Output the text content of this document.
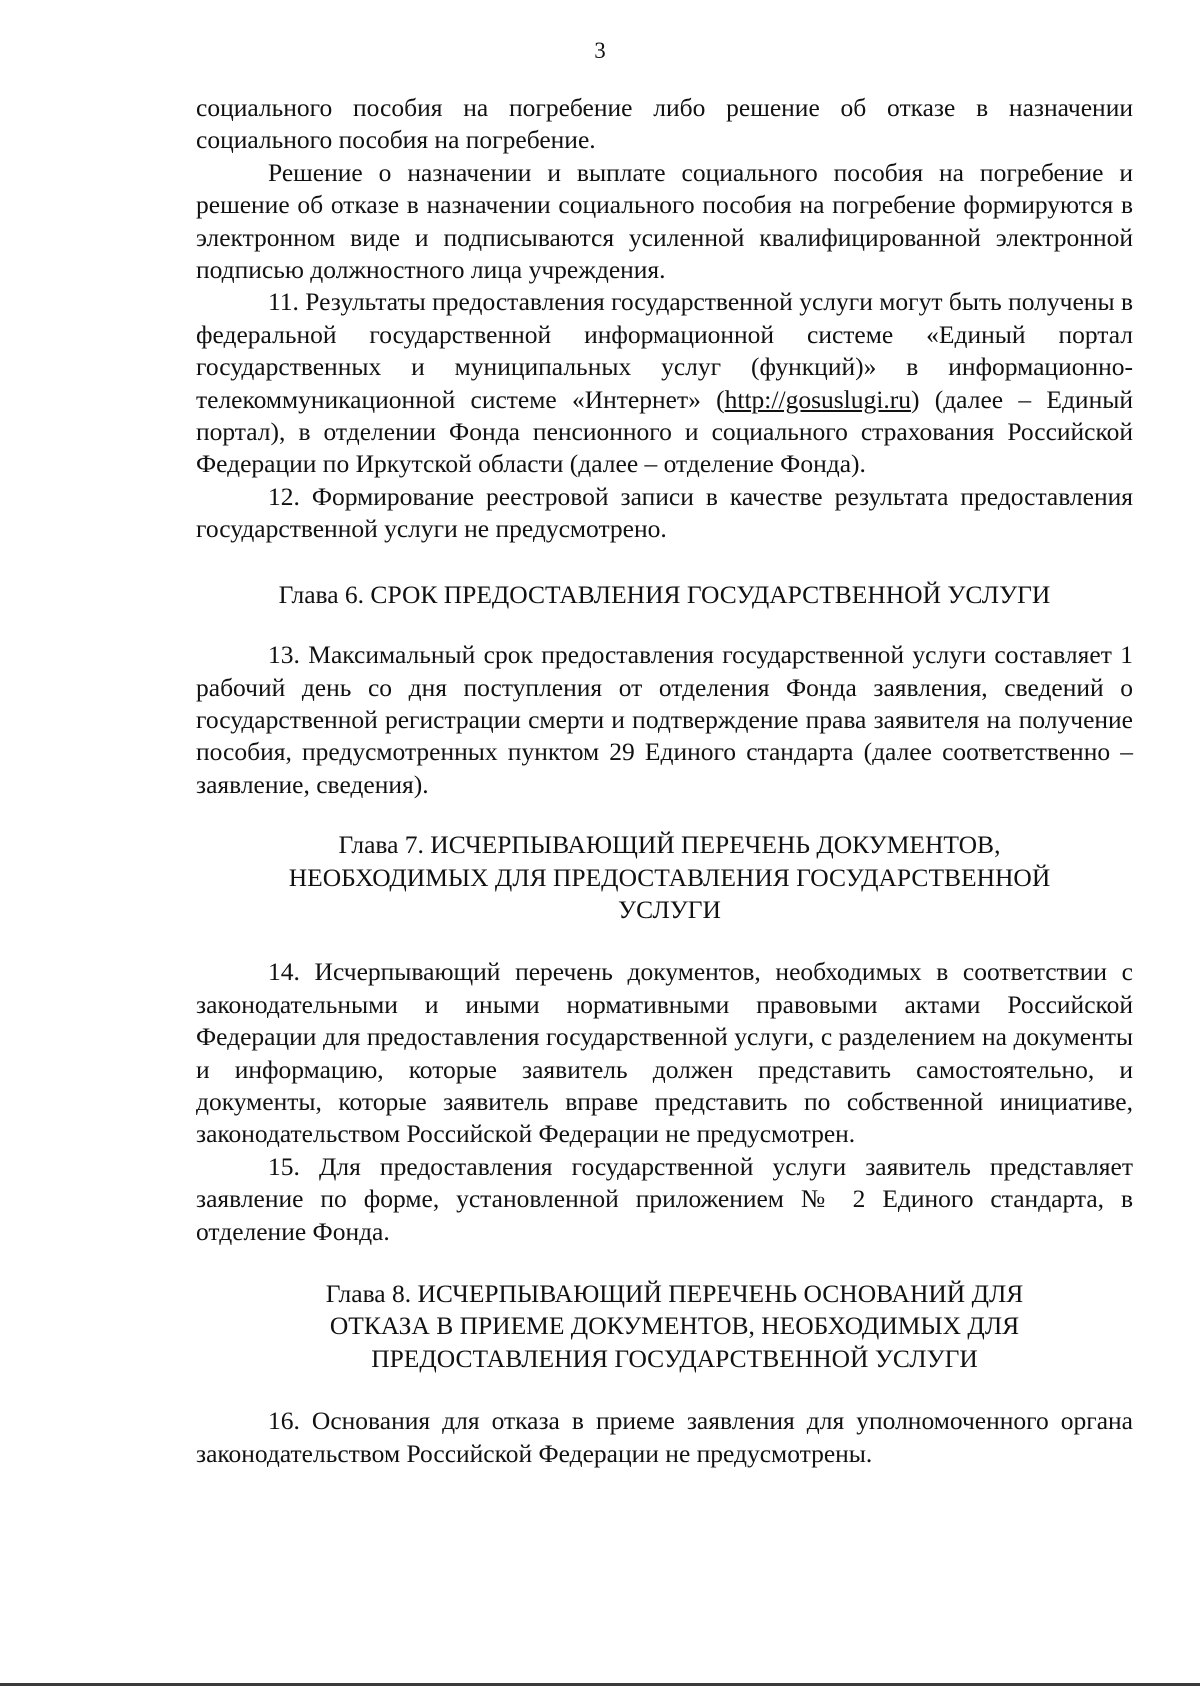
3

социального пособия на погребение либо решение об отказе в назначении социального пособия на погребение.

Решение о назначении и выплате социального пособия на погребение и решение об отказе в назначении социального пособия на погребение формируются в электронном виде и подписываются усиленной квалифицированной электронной подписью должностного лица учреждения.

11. Результаты предоставления государственной услуги могут быть получены в федеральной государственной информационной системе «Единый портал государственных и муниципальных услуг (функций)» в информационно-телекоммуникационной системе «Интернет» (http://gosuslugi.ru) (далее – Единый портал), в отделении Фонда пенсионного и социального страхования Российской Федерации по Иркутской области (далее – отделение Фонда).

12. Формирование реестровой записи в качестве результата предоставления государственной услуги не предусмотрено.

Глава 6. СРОК ПРЕДОСТАВЛЕНИЯ ГОСУДАРСТВЕННОЙ УСЛУГИ

13. Максимальный срок предоставления государственной услуги составляет 1 рабочий день со дня поступления от отделения Фонда заявления, сведений о государственной регистрации смерти и подтверждение права заявителя на получение пособия, предусмотренных пунктом 29 Единого стандарта (далее соответственно – заявление, сведения).

Глава 7. ИСЧЕРПЫВАЮЩИЙ ПЕРЕЧЕНЬ ДОКУМЕНТОВ,
НЕОБХОДИМЫХ ДЛЯ ПРЕДОСТАВЛЕНИЯ ГОСУДАРСТВЕННОЙ
УСЛУГИ

14. Исчерпывающий перечень документов, необходимых в соответствии с законодательными и иными нормативными правовыми актами Российской Федерации для предоставления государственной услуги, с разделением на документы и информацию, которые заявитель должен представить самостоятельно, и документы, которые заявитель вправе представить по собственной инициативе, законодательством Российской Федерации не предусмотрен.

15. Для предоставления государственной услуги заявитель представляет заявление по форме, установленной приложением № 2 Единого стандарта, в отделение Фонда.

Глава 8. ИСЧЕРПЫВАЮЩИЙ ПЕРЕЧЕНЬ ОСНОВАНИЙ ДЛЯ
ОТКАЗА В ПРИЕМЕ ДОКУМЕНТОВ, НЕОБХОДИМЫХ ДЛЯ
ПРЕДОСТАВЛЕНИЯ ГОСУДАРСТВЕННОЙ УСЛУГИ

16. Основания для отказа в приеме заявления для уполномоченного органа законодательством Российской Федерации не предусмотрены.
